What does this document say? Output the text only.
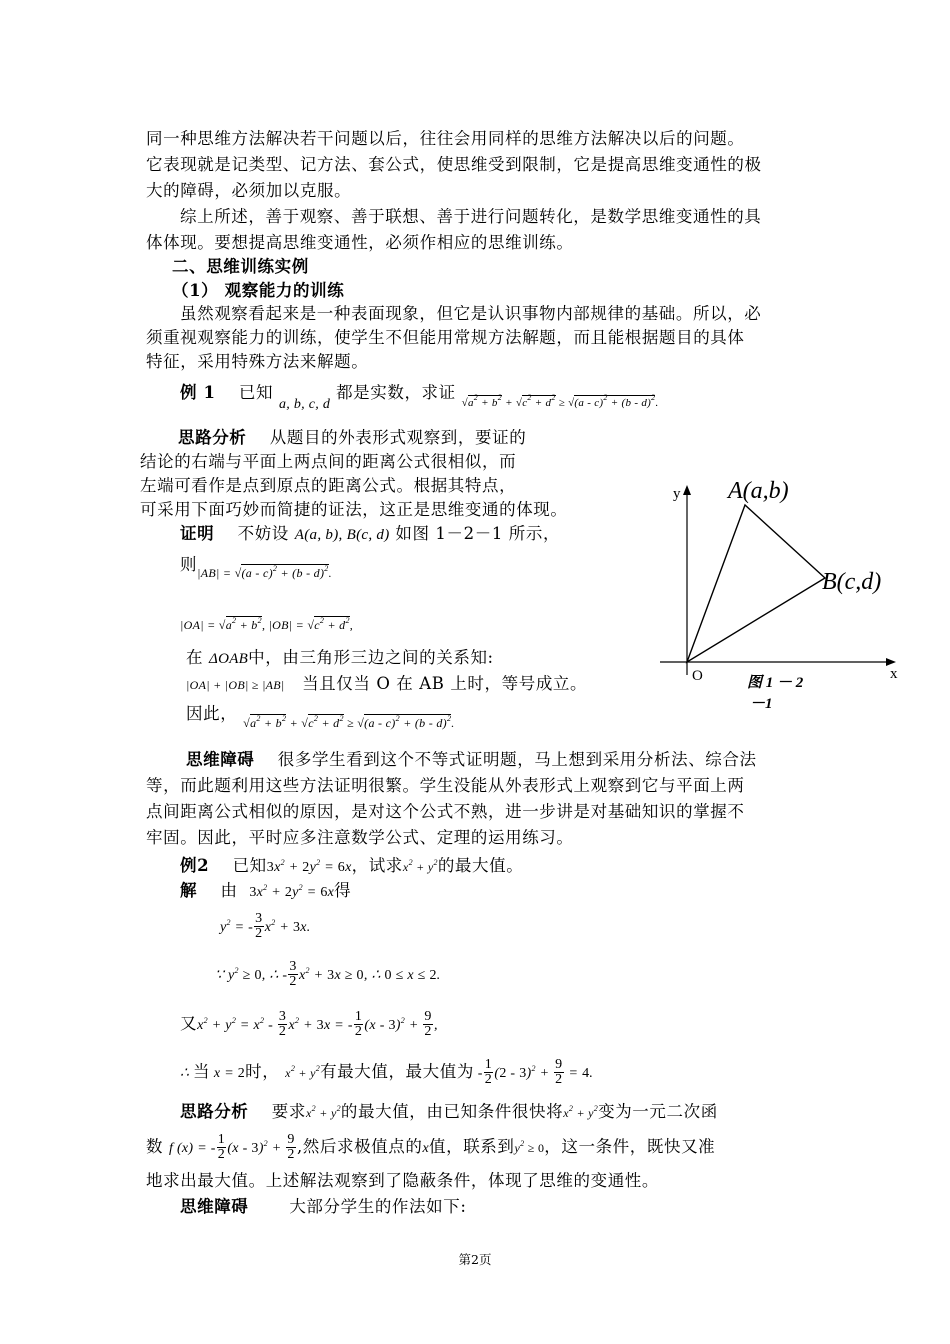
同一种思维方法解决若干问题以后，往往会用同样的思维方法解决以后的问题。
它表现就是记类型、记方法、套公式，使思维受到限制，它是提高思维变通性的极
大的障碍，必须加以克服。
综上所述，善于观察、善于联想、善于进行问题转化，是数学思维变通性的具
体体现。要想提高思维变通性，必须作相应的思维训练。
二、思维训练实例
（1） 观察能力的训练
虽然观察看起来是一种表面现象，但它是认识事物内部规律的基础。所以，必
须重视观察能力的训练，使学生不但能用常规方法解题，而且能根据题目的具体
特征，采用特殊方法来解题。
例 1 已知 $_{a, b, c, d}$ 都是实数，求证 $_{√a^2 + b^2 + √c^2 + d^2 \ge √(a - c)^2 + (b - d)^2.}$
思路分析 从题目的外表形式观察到，要证的
结论的右端与平面上两点间的距离公式很相似，而
左端可看作是点到原点的距离公式。根据其特点，
可采用下面巧妙而简捷的证法，这正是思维变通的体现。
证明 不妨设 A(a, b), B(c, d) 如图 1－2－1 所示，
则$_{|AB| = √(a - c)^2 + (b - d)^2.}$
$|OA| = √a^2 + b^2$, $|OB| = √c^2 + d^2$,
在 ΔOAB中，由三角形三边之间的关系知:
|OA| + |OB| ≥ |AB| 当且仅当 O 在 AB 上时，等号成立。
因此， $_{√a^2 + b^2 + √c^2 + d^2 \ge √(a - c)^2 + (b - d)^2.}$
y
x
O
A(a,b)
B(c,d)
图 1 － 2
－1
思维障碍 很多学生看到这个不等式证明题，马上想到采用分析法、综合法
等，而此题利用这些方法证明很繁。学生没能从外表形式上观察到它与平面上两
点间距离公式相似的原因，是对这个公式不熟，进一步讲是对基础知识的掌握不
牢固。因此，平时应多注意数学公式、定理的运用练习。
例2 已知$3x^2 + 2y^2 = 6x$，试求$x^2 + y^2$的最大值。
解 由 $3x^2 + 2y^2 = 6x$得
$y^2$ = - $\frac{3}{2} x^2 + 3x$.
∵ $y^2 \ge 0$, ∴ - $\frac{3}{2} x^2 + 3x \ge 0$, ∴ 0 ≤ x ≤ 2.
又$x^2 + y^2 = x^2 - \frac{3}{2} x^2 + 3x$ = - $\frac{1}{2} (x - 3)^2 + \frac{9}{2}$ ,
∴ 当 x = 2时， $x^2 + y^2$有最大值，最大值为 - $\frac{1}{2} (2 - 3)^2 + \frac{9}{2} = 4$.
思路分析 要求$x^2 + y^2$的最大值，由已知条件很快将$x^2 + y^2$变为一元二次函
数 f (x) = - $\frac{1}{2} (x - 3)^2 + \frac{9}{2}$ ,然后求极值点的x值，联系到$y^2 \ge 0$，这一条件，既快又准
地求出最大值。上述解法观察到了隐蔽条件，体现了思维的变通性。
思维障碍 大部分学生的作法如下:
第2页
